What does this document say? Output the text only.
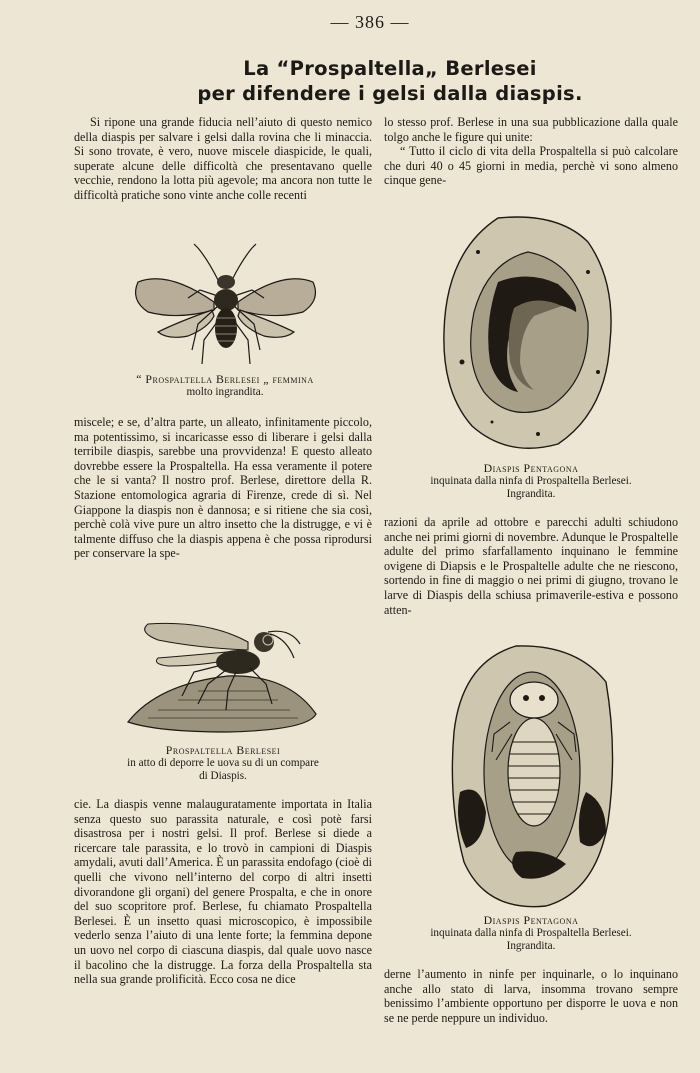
— 386 —
La “Prospaltella„ Berlesei
per difendere i gelsi dalla diaspis.

Si ripone una grande fiducia nell’aiuto di questo nemico della diaspis per salvare i gelsi dalla rovina che li minaccia. Si sono trovate, è vero, nuove miscele diaspicide, le quali, superate alcune delle difficoltà che presentavano quelle vecchie, rendono la lotta più agevole; ma ancora non tutte le difficoltà pratiche sono vinte anche colle recenti

“ Prospaltella Berlesei „ femmina
molto ingrandita.

miscele; e se, d’altra parte, un alleato, infinitamente piccolo, ma potentissimo, si incaricasse esso di liberare i gelsi dalla terribile diaspis, sarebbe una provvidenza! E questo alleato dovrebbe essere la Prospaltella. Ha essa veramente il potere che le si vanta? Il nostro prof. Berlese, direttore della R. Stazione entomologica agraria di Firenze, crede di sì. Nel Giappone la diaspis non è dannosa; e si ritiene che sia così, perchè colà vive pure un altro insetto che la distrugge, e vi è talmente diffuso che la diaspis appena è che possa riprodursi per conservare la spe-

Prospaltella Berlesei
in atto di deporre le uova su di un compare
di Diaspis.

cie. La diaspis venne malauguratamente importata in Italia senza questo suo parassita naturale, e così potè farsi disastrosa per i nostri gelsi. Il prof. Berlese si diede a ricercare tale parassita, e lo trovò in campioni di Diaspis amydali, avuti dall’America. È un parassita endofago (cioè di quelli che vivono nell’interno del corpo di altri insetti divorandone gli organi) del genere Prospalta, e che in onore del suo scopritore prof. Berlese, fu chiamato Prospaltella Berlesei. È un insetto quasi microscopico, è impossibile vederlo senza l’aiuto di una lente forte; la femmina depone un uovo nel corpo di ciascuna diaspis, dal quale uovo nasce il bacolino che la distrugge. La forza della Prospaltella sta nella sua grande prolificità. Ecco cosa ne dice

lo stesso prof. Berlese in una sua pubblicazione dalla quale tolgo anche le figure qui unite:

“ Tutto il ciclo di vita della Prospaltella si può calcolare che duri 40 o 45 giorni in media, perchè vi sono almeno cinque gene-

Diaspis Pentagona
inquinata dalla ninfa di Prospaltella Berlesei.
Ingrandita.

razioni da aprile ad ottobre e parecchi adulti schiudono anche nei primi giorni di novembre. Adunque le Prospaltelle adulte del primo sfarfallamento inquinano le femmine ovigene di Diapsis e le Prospaltelle adulte che ne riescono, sortendo in fine di maggio o nei primi di giugno, trovano le larve di Diaspis della schiusa primaverile-estiva e possono atten-

Diaspis Pentagona
inquinata dalla ninfa di Prospaltella Berlesei.
Ingrandita.

derne l’aumento in ninfe per inquinarle, o lo inquinano anche allo stato di larva, insomma trovano sempre benissimo l’ambiente opportuno per disporre le uova e non se ne perde neppure un individuo.
